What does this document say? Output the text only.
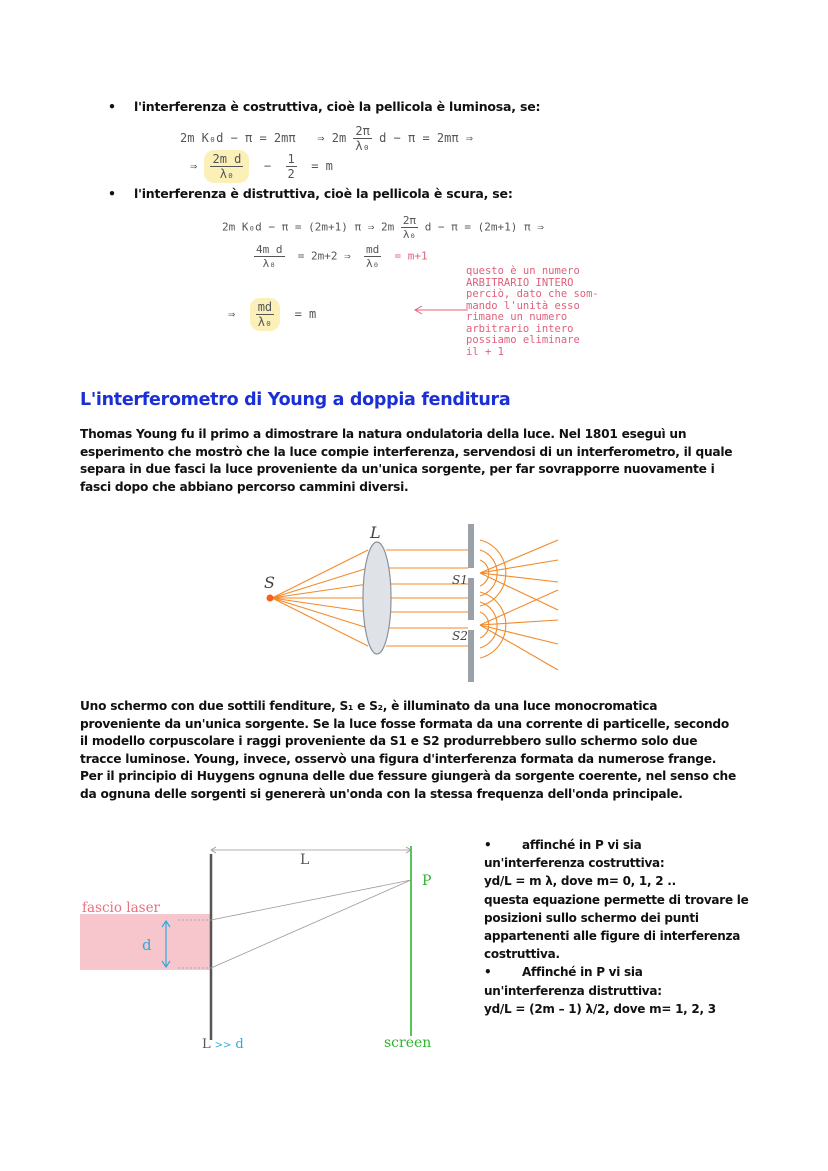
• l'interferenza è costruttiva, cioè la pellicola è luminosa, se:
2m K₀d − π = 2mπ ⇒ $2m \frac{2\pi}{\text{λ₀}}$ d − π = 2mπ ⇒
⇒ $\frac{\text{2m d}}{\text{λ₀}} - \frac{1}{2} = m$
• l'interferenza è distruttiva, cioè la pellicola è scura, se:
2m K₀d − π = (2m+1) π ⇒ $2m \frac{2\pi}{\text{λ₀}}$ d − π = (2m+1) π ⇒
$\frac{\text{4m d}}{\text{λ₀}} = 2m+2$ ⇒ $\frac{md}{\text{λ₀}} = m+1$
⇒ $\frac{md}{\text{λ₀}} = m$
questo è un numero
ARBITRARIO INTERO
perciò, dato che som-
mando l'unità esso
rimane un numero
arbitrario intero
possiamo eliminare
il + 1
L'interferometro di Young a doppia fenditura
Thomas Young fu il primo a dimostrare la natura ondulatoria della luce. Nel 1801 eseguì un esperimento che mostrò che la luce compie interferenza, servendosi di un interferometro, il quale separa in due fasci la luce proveniente da un'unica sorgente, per far sovrapporre nuovamente i fasci dopo che abbiano percorso cammini diversi.
L
S	S1
S2
Uno schermo con due sottili fenditure, S₁ e S₂, è illuminato da una luce monocromatica proveniente da un'unica sorgente. Se la luce fosse formata da una corrente di particelle, secondo il modello corpuscolare i raggi proveniente da S1 e S2 produrrebbero sullo schermo solo due tracce luminose. Young, invece, osservò una figura d'interferenza formata da numerose frange. Per il principio di Huygens ognuna delle due fessure giungerà da sorgente coerente, nel senso che da ognuna delle sorgenti si genererà un'onda con la stessa frequenza dell'onda principale.
fascio laser
L
d
P
screen
L >> d
•	affinché in P vi sia
un'interferenza costruttiva:
yd/L = m λ, dove m= 0, 1, 2 ..
questa equazione permette di trovare le posizioni sullo schermo dei punti appartenenti alle figure di interferenza costruttiva.
•	Affinché in P vi sia
un'interferenza distruttiva:
yd/L = (2m – 1) λ/2, dove m= 1, 2, 3
